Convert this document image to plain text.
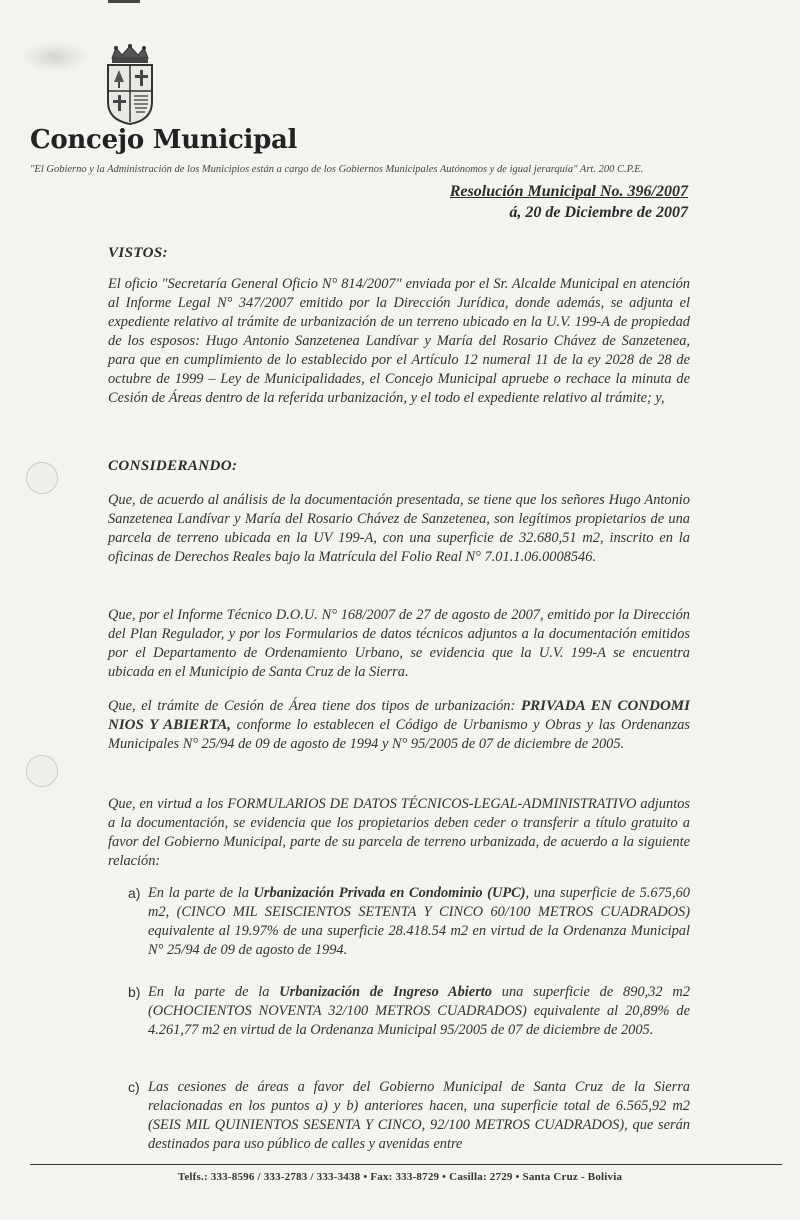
Concejo Municipal
"El Gobierno y la Administración de los Municipios están a cargo de los Gobiernos Municipales Autónomos y de igual jerarquía" Art. 200 C.P.E.
Resolución Municipal No. 396/2007
á, 20 de Diciembre de 2007
VISTOS:
El oficio "Secretaría General Oficio N° 814/2007" enviada por el Sr. Alcalde Municipal en atención al Informe Legal N° 347/2007 emitido por la Dirección Jurídica, donde además, se adjunta el expediente relativo al trámite de urbanización de un terreno ubicado en la U.V. 199-A de propiedad de los esposos: Hugo Antonio Sanzetenea Landívar y María del Rosario Chávez de Sanzetenea, para que en cumplimiento de lo establecido por el Artículo 12 numeral 11 de la ey 2028 de 28 de octubre de 1999 – Ley de Municipalidades, el Concejo Municipal apruebe o rechace la minuta de Cesión de Áreas dentro de la referida urbanización, y el todo el expediente relativo al trámite; y,
CONSIDERANDO:
Que, de acuerdo al análisis de la documentación presentada, se tiene que los señores Hugo Antonio Sanzetenea Landívar y María del Rosario Chávez de Sanzetenea, son legítimos propietarios de una parcela de terreno ubicada en la UV 199-A, con una superficie de 32.680,51 m2, inscrito en la oficinas de Derechos Reales bajo la Matrícula del Folio Real N° 7.01.1.06.0008546.
Que, por el Informe Técnico D.O.U. N° 168/2007 de 27 de agosto de 2007, emitido por la Dirección del Plan Regulador, y por los Formularios de datos técnicos adjuntos a la documentación emitidos por el Departamento de Ordenamiento Urbano, se evidencia que la U.V. 199-A se encuentra ubicada en el Municipio de Santa Cruz de la Sierra.
Que, el trámite de Cesión de Área tiene dos tipos de urbanización: PRIVADA EN CONDOMI NIOS Y ABIERTA, conforme lo establecen el Código de Urbanismo y Obras y las Ordenanzas Municipales N° 25/94 de 09 de agosto de 1994 y N° 95/2005 de 07 de diciembre de 2005.
Que, en virtud a los FORMULARIOS DE DATOS TÉCNICOS-LEGAL-ADMINISTRATIVO adjuntos a la documentación, se evidencia que los propietarios deben ceder o transferir a título gratuito a favor del Gobierno Municipal, parte de su parcela de terreno urbanizada, de acuerdo a la siguiente relación:
a) En la parte de la Urbanización Privada en Condominio (UPC), una superficie de 5.675,60 m2, (CINCO MIL SEISCIENTOS SETENTA Y CINCO 60/100 METROS CUADRADOS) equivalente al 19.97% de una superficie 28.418.54 m2 en virtud de la Ordenanza Municipal N° 25/94 de 09 de agosto de 1994.
b) En la parte de la Urbanización de Ingreso Abierto una superficie de 890,32 m2 (OCHOCIENTOS NOVENTA 32/100 METROS CUADRADOS) equivalente al 20,89% de 4.261,77 m2 en virtud de la Ordenanza Municipal 95/2005 de 07 de diciembre de 2005.
c) Las cesiones de áreas a favor del Gobierno Municipal de Santa Cruz de la Sierra relacionadas en los puntos a) y b) anteriores hacen, una superficie total de 6.565,92 m2 (SEIS MIL QUINIENTOS SESENTA Y CINCO, 92/100 METROS CUADRADOS), que serán destinados para uso público de calles y avenidas entre
Telfs.: 333-8596 / 333-2783 / 333-3438 • Fax: 333-8729 • Casilla: 2729 • Santa Cruz - Bolivia
